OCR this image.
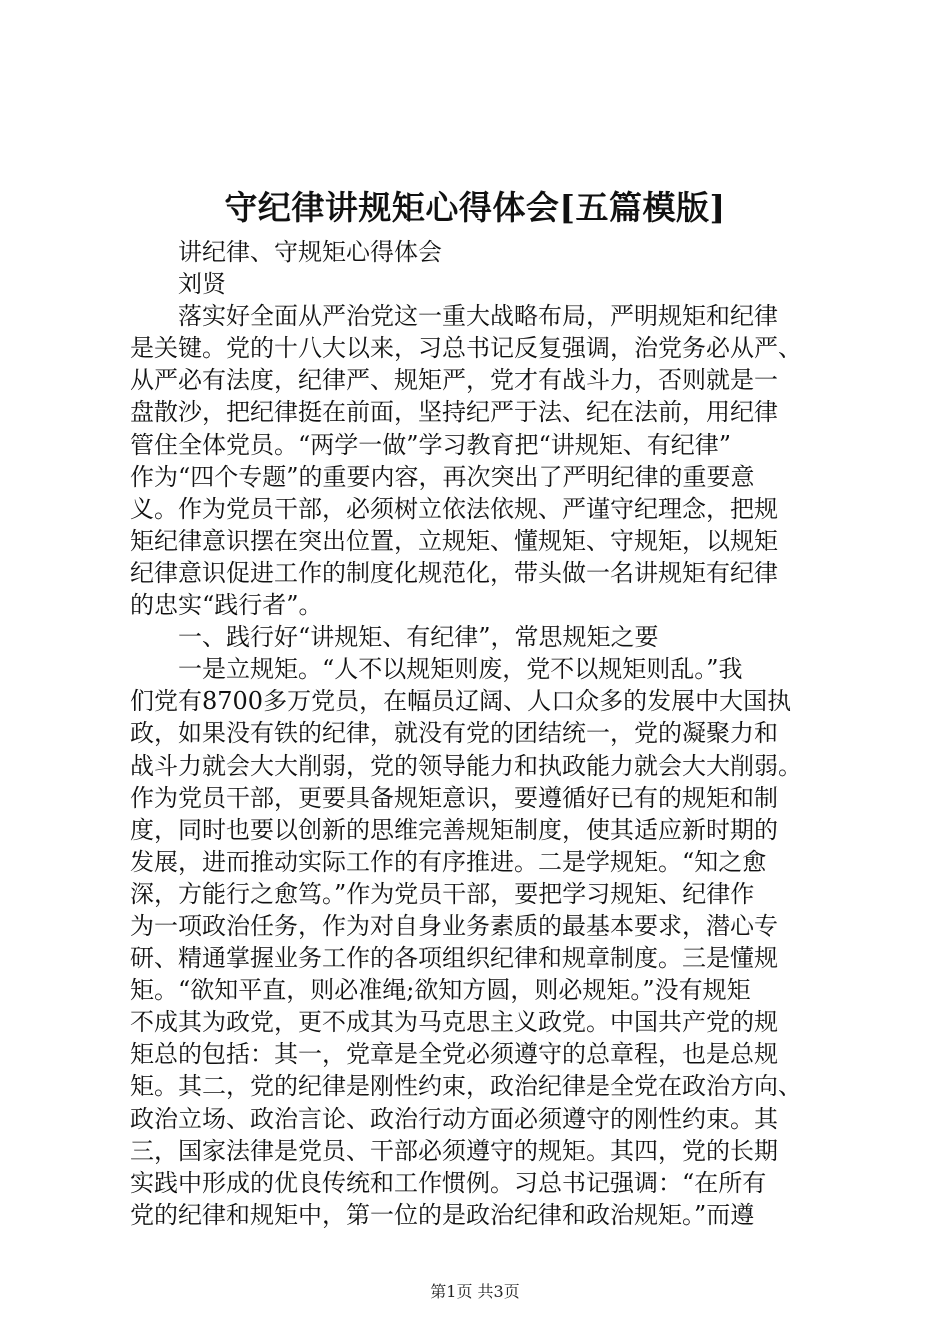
守纪律讲规矩心得体会[五篇模版]
讲纪律、守规矩心得体会
刘贤
落实好全面从严治党这一重大战略布局，严明规矩和纪律
是关键。党的十八大以来，习总书记反复强调，治党务必从严、
从严必有法度，纪律严、规矩严，党才有战斗力，否则就是一
盘散沙，把纪律挺在前面，坚持纪严于法、纪在法前，用纪律
管住全体党员。“两学一做”学习教育把“讲规矩、有纪律”
作为“四个专题”的重要内容，再次突出了严明纪律的重要意
义。作为党员干部，必须树立依法依规、严谨守纪理念，把规
矩纪律意识摆在突出位置，立规矩、懂规矩、守规矩，以规矩
纪律意识促进工作的制度化规范化，带头做一名讲规矩有纪律
的忠实“践行者”。
一、践行好“讲规矩、有纪律”，常思规矩之要
一是立规矩。“人不以规矩则废，党不以规矩则乱。”我
们党有8700多万党员，在幅员辽阔、人口众多的发展中大国执
政，如果没有铁的纪律，就没有党的团结统一，党的凝聚力和
战斗力就会大大削弱，党的领导能力和执政能力就会大大削弱。
作为党员干部，更要具备规矩意识，要遵循好已有的规矩和制
度，同时也要以创新的思维完善规矩制度，使其适应新时期的
发展，进而推动实际工作的有序推进。二是学规矩。“知之愈
深，方能行之愈笃。”作为党员干部，要把学习规矩、纪律作
为一项政治任务，作为对自身业务素质的最基本要求，潜心专
研、精通掌握业务工作的各项组织纪律和规章制度。三是懂规
矩。“欲知平直，则必准绳;欲知方圆，则必规矩。”没有规矩
不成其为政党，更不成其为马克思主义政党。中国共产党的规
矩总的包括：其一，党章是全党必须遵守的总章程，也是总规
矩。其二，党的纪律是刚性约束，政治纪律是全党在政治方向、
政治立场、政治言论、政治行动方面必须遵守的刚性约束。其
三，国家法律是党员、干部必须遵守的规矩。其四，党的长期
实践中形成的优良传统和工作惯例。习总书记强调：“在所有
党的纪律和规矩中，第一位的是政治纪律和政治规矩。”而遵
第1页 共3页
